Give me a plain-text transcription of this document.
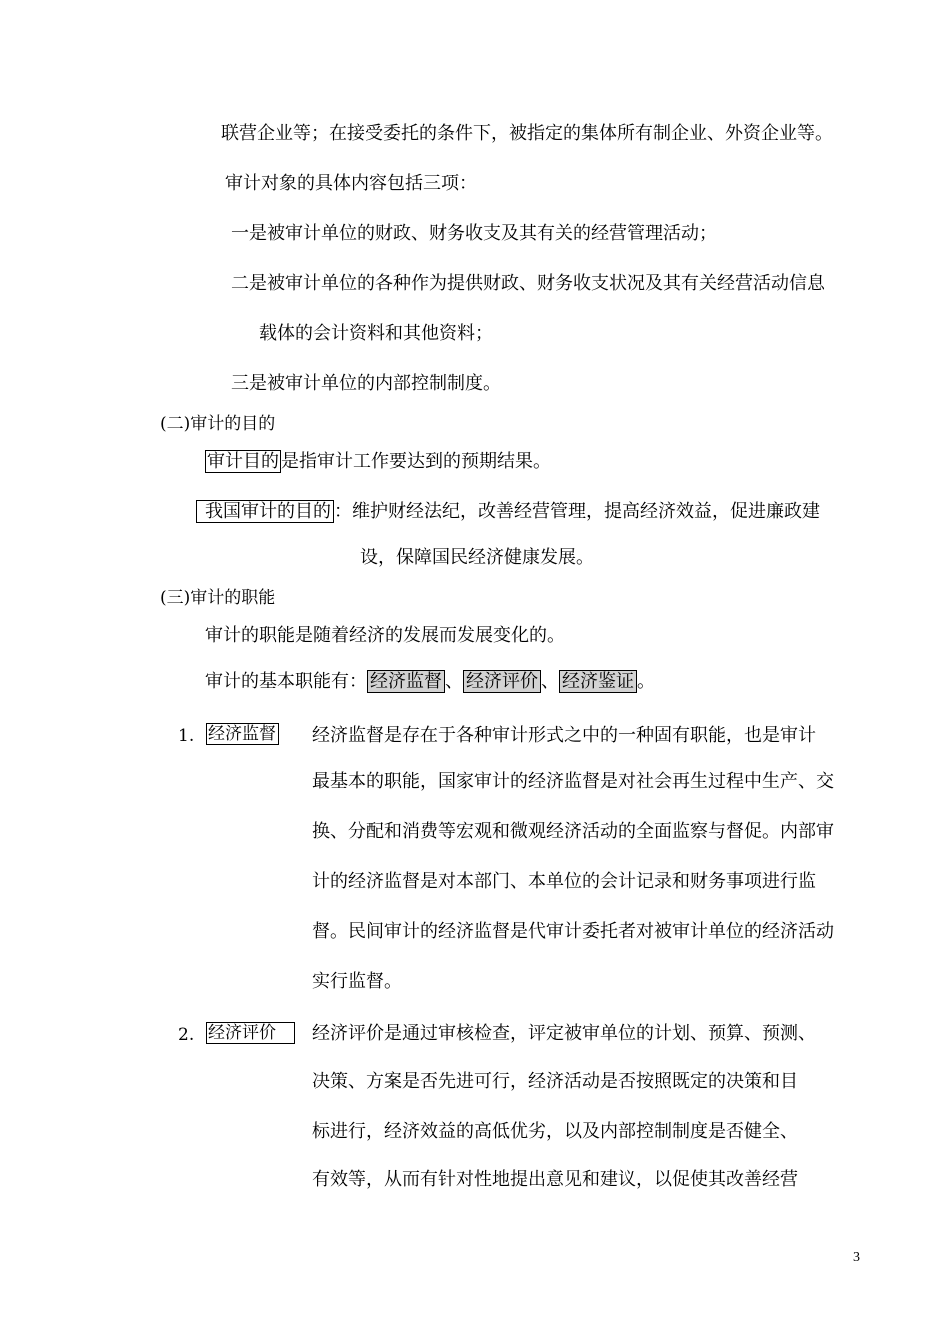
联营企业等；在接受委托的条件下，被指定的集体所有制企业、外资企业等。
审计对象的具体内容包括三项：
一是被审计单位的财政、财务收支及其有关的经营管理活动；
二是被审计单位的各种作为提供财政、财务收支状况及其有关经营活动信息
载体的会计资料和其他资料；
三是被审计单位的内部控制制度。
(二)审计的目的
审计目的 是指审计工作要达到的预期结果。
我国审计的目的 ：维护财经法纪，改善经营管理，提高经济效益，促进廉政建
设，保障国民经济健康发展。
(三)审计的职能
审计的职能是随着经济的发展而发展变化的。
审计的基本职能有： 经济监督 、 经济评价 、 经济鉴证 。
1. 经济监督 经济监督是存在于各种审计形式之中的一种固有职能，也是审计
最基本的职能，国家审计的经济监督是对社会再生过程中生产、交
换、分配和消费等宏观和微观经济活动的全面监察与督促。内部审
计的经济监督是对本部门、本单位的会计记录和财务事项进行监
督。民间审计的经济监督是代审计委托者对被审计单位的经济活动
实行监督。
2. 经济评价	经济评价是通过审核检查，评定被审单位的计划、预算、预测、
决策、方案是否先进可行，经济活动是否按照既定的决策和目
标进行，经济效益的高低优劣，以及内部控制制度是否健全、
有效等，从而有针对性地提出意见和建议，以促使其改善经营
3
